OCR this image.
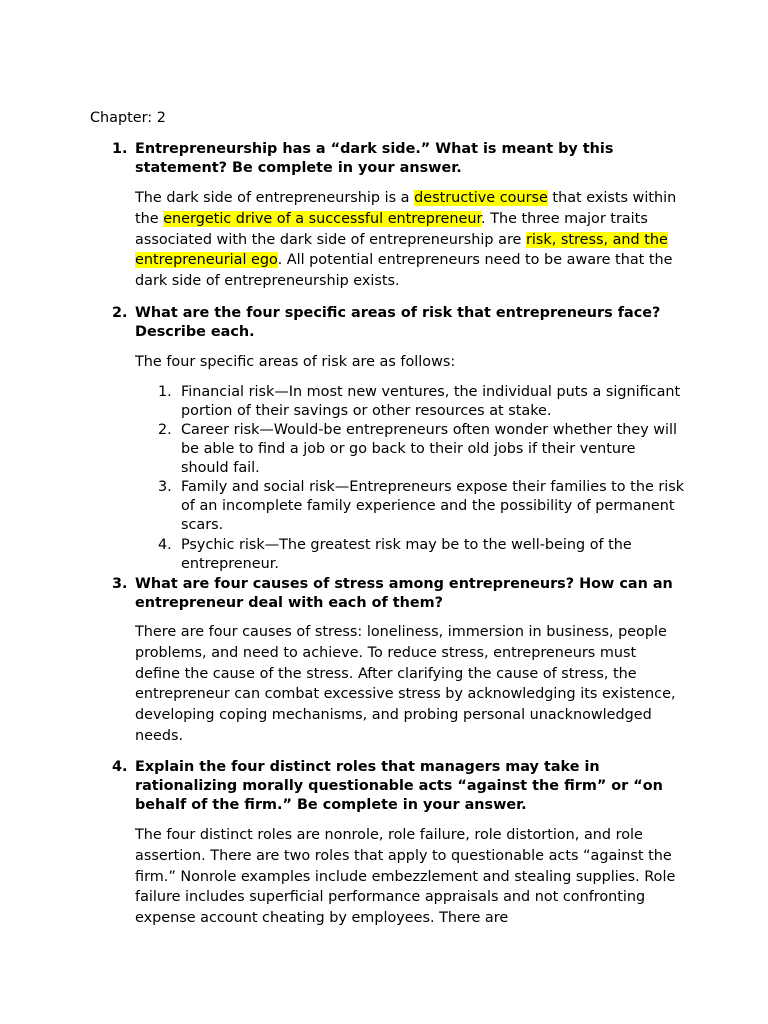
Chapter: 2

1. Entrepreneurship has a “dark side.” What is meant by this statement? Be complete in your answer.

The dark side of entrepreneurship is a destructive course that exists within the energetic drive of a successful entrepreneur. The three major traits associated with the dark side of entrepreneurship are risk, stress, and the entrepreneurial ego. All potential entrepreneurs need to be aware that the dark side of entrepreneurship exists.

2. What are the four specific areas of risk that entrepreneurs face? Describe each.

The four specific areas of risk are as follows:

1. Financial risk—In most new ventures, the individual puts a significant portion of their savings or other resources at stake.

2. Career risk—Would-be entrepreneurs often wonder whether they will be able to find a job or go back to their old jobs if their venture should fail.

3. Family and social risk—Entrepreneurs expose their families to the risk of an incomplete family experience and the possibility of permanent scars.

4. Psychic risk—The greatest risk may be to the well-being of the entrepreneur.

3. What are four causes of stress among entrepreneurs? How can an entrepreneur deal with each of them?

There are four causes of stress: loneliness, immersion in business, people problems, and need to achieve. To reduce stress, entrepreneurs must define the cause of the stress. After clarifying the cause of stress, the entrepreneur can combat excessive stress by acknowledging its existence, developing coping mechanisms, and probing personal unacknowledged needs.

4. Explain the four distinct roles that managers may take in rationalizing morally questionable acts “against the firm” or “on behalf of the firm.” Be complete in your answer.

The four distinct roles are nonrole, role failure, role distortion, and role assertion. There are two roles that apply to questionable acts “against the firm.” Nonrole examples include embezzlement and stealing supplies. Role failure includes superficial performance appraisals and not confronting expense account cheating by employees. There are
